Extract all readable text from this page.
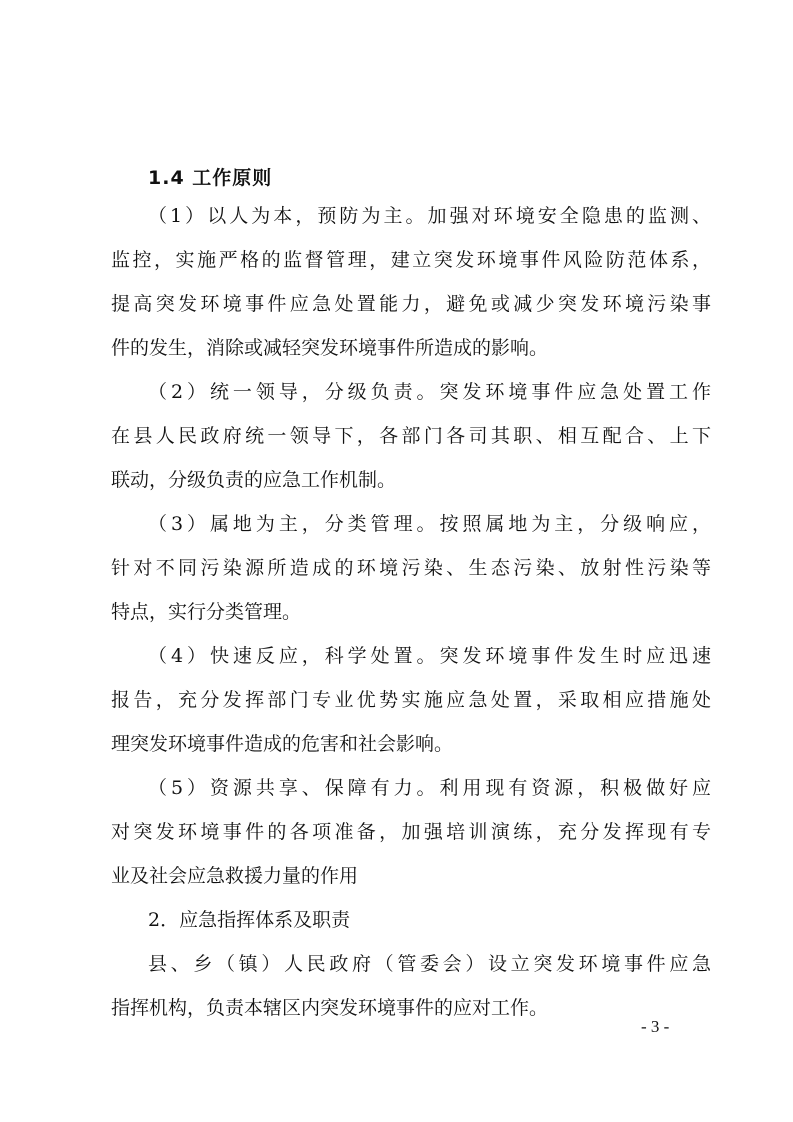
1.4 工作原则
（1）以人为本，预防为主。加强对环境安全隐患的监测、
监控，实施严格的监督管理，建立突发环境事件风险防范体系，
提高突发环境事件应急处置能力，避免或减少突发环境污染事
件的发生，消除或减轻突发环境事件所造成的影响。
（2）统一领导，分级负责。突发环境事件应急处置工作
在县人民政府统一领导下，各部门各司其职、相互配合、上下
联动，分级负责的应急工作机制。
（3）属地为主，分类管理。按照属地为主，分级响应，
针对不同污染源所造成的环境污染、生态污染、放射性污染等
特点，实行分类管理。
（4）快速反应，科学处置。突发环境事件发生时应迅速
报告，充分发挥部门专业优势实施应急处置，采取相应措施处
理突发环境事件造成的危害和社会影响。
（5）资源共享、保障有力。利用现有资源，积极做好应
对突发环境事件的各项准备，加强培训演练，充分发挥现有专
业及社会应急救援力量的作用
2．应急指挥体系及职责
县、乡（镇）人民政府（管委会）设立突发环境事件应急
指挥机构，负责本辖区内突发环境事件的应对工作。
- 3 -
